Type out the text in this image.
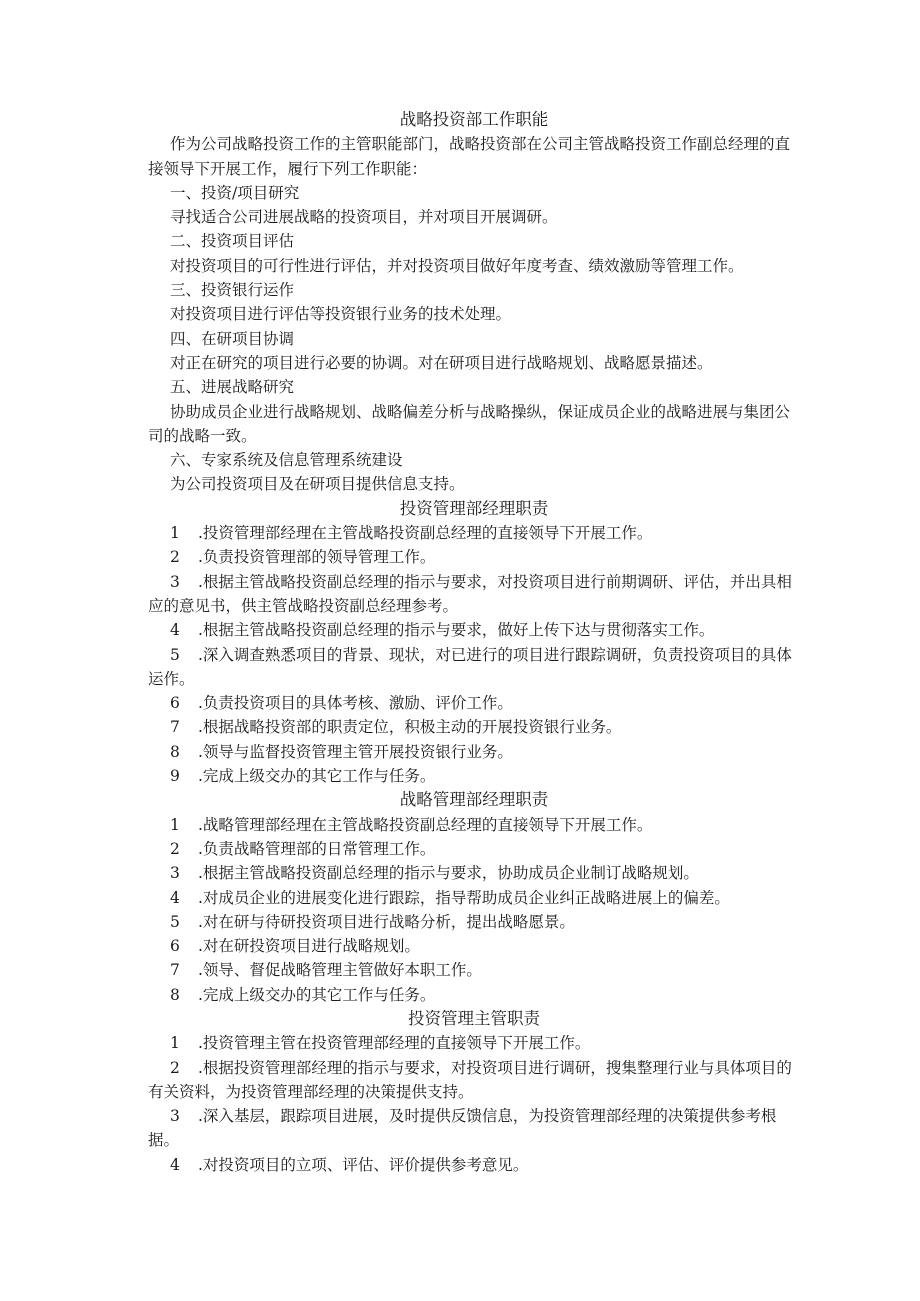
战略投资部工作职能

作为公司战略投资工作的主管职能部门，战略投资部在公司主管战略投资工作副总经理的直接领导下开展工作，履行下列工作职能：

一、投资/项目研究

寻找适合公司进展战略的投资项目，并对项目开展调研。

二、投资项目评估

对投资项目的可行性进行评估，并对投资项目做好年度考查、绩效激励等管理工作。

三、投资银行运作

对投资项目进行评估等投资银行业务的技术处理。

四、在研项目协调

对正在研究的项目进行必要的协调。对在研项目进行战略规划、战略愿景描述。

五、进展战略研究

协助成员企业进行战略规划、战略偏差分析与战略操纵，保证成员企业的战略进展与集团公司的战略一致。

六、专家系统及信息管理系统建设

为公司投资项目及在研项目提供信息支持。

投资管理部经理职责

1 .投资管理部经理在主管战略投资副总经理的直接领导下开展工作。

2 .负责投资管理部的领导管理工作。

3 .根据主管战略投资副总经理的指示与要求，对投资项目进行前期调研、评估，并出具相应的意见书，供主管战略投资副总经理参考。

4 .根据主管战略投资副总经理的指示与要求，做好上传下达与贯彻落实工作。

5 .深入调查熟悉项目的背景、现状，对已进行的项目进行跟踪调研，负责投资项目的具体运作。

6 .负责投资项目的具体考核、激励、评价工作。

7 .根据战略投资部的职责定位，积极主动的开展投资银行业务。

8 .领导与监督投资管理主管开展投资银行业务。

9 .完成上级交办的其它工作与任务。

战略管理部经理职责

1 .战略管理部经理在主管战略投资副总经理的直接领导下开展工作。

2 .负责战略管理部的日常管理工作。

3 .根据主管战略投资副总经理的指示与要求，协助成员企业制订战略规划。

4 .对成员企业的进展变化进行跟踪，指导帮助成员企业纠正战略进展上的偏差。

5 .对在研与待研投资项目进行战略分析，提出战略愿景。

6 .对在研投资项目进行战略规划。

7 .领导、督促战略管理主管做好本职工作。

8 .完成上级交办的其它工作与任务。

投资管理主管职责

1 .投资管理主管在投资管理部经理的直接领导下开展工作。

2 .根据投资管理部经理的指示与要求，对投资项目进行调研，搜集整理行业与具体项目的有关资料，为投资管理部经理的决策提供支持。

3 .深入基层，跟踪项目进展，及时提供反馈信息，为投资管理部经理的决策提供参考根据。

4 .对投资项目的立项、评估、评价提供参考意见。
